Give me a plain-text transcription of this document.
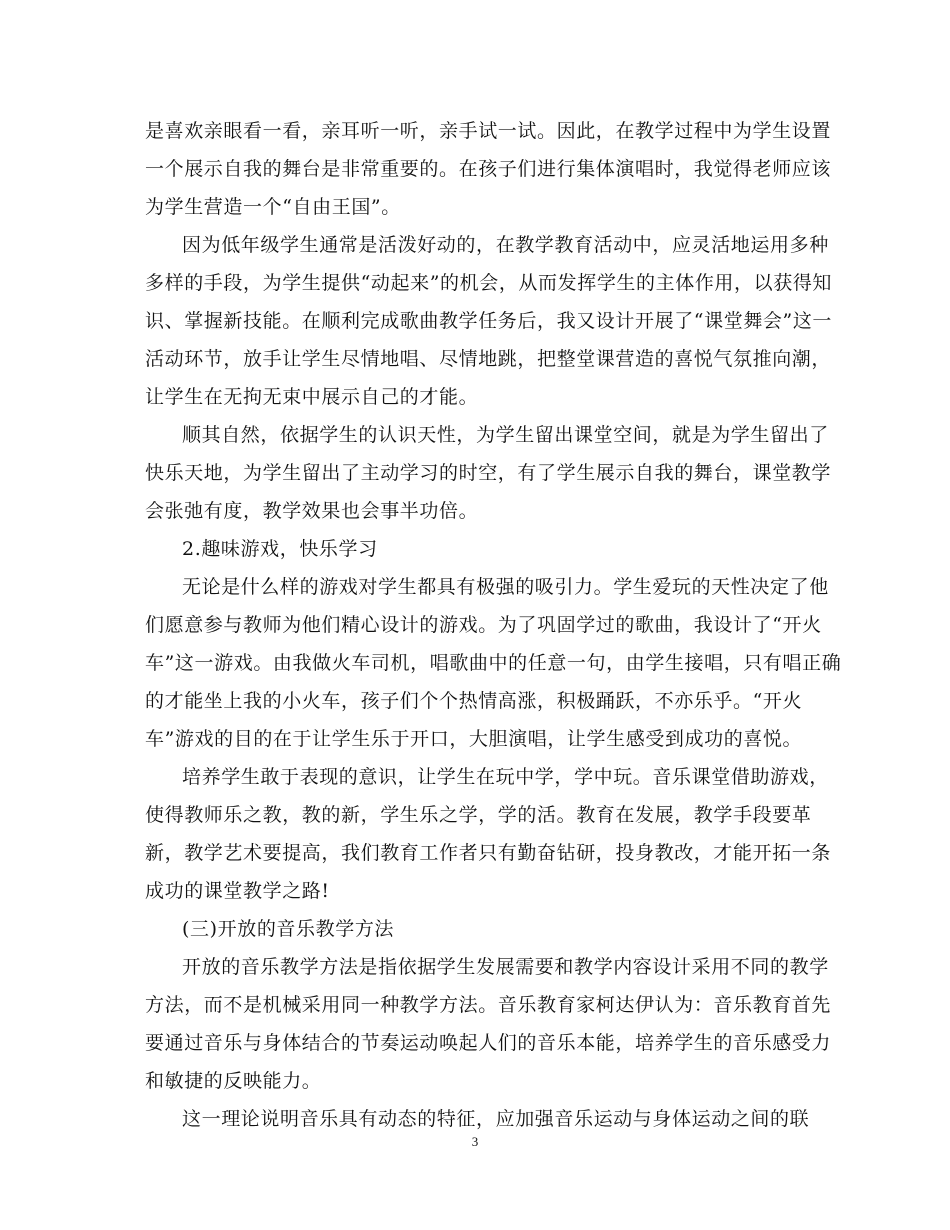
是喜欢亲眼看一看，亲耳听一听，亲手试一试。因此，在教学过程中为学生设置
一个展示自我的舞台是非常重要的。在孩子们进行集体演唱时，我觉得老师应该
为学生营造一个“自由王国”。
因为低年级学生通常是活泼好动的，在教学教育活动中，应灵活地运用多种
多样的手段，为学生提供“动起来”的机会，从而发挥学生的主体作用，以获得知
识、掌握新技能。在顺利完成歌曲教学任务后，我又设计开展了“课堂舞会”这一
活动环节，放手让学生尽情地唱、尽情地跳，把整堂课营造的喜悦气氛推向潮，
让学生在无拘无束中展示自己的才能。
顺其自然，依据学生的认识天性，为学生留出课堂空间，就是为学生留出了
快乐天地，为学生留出了主动学习的时空，有了学生展示自我的舞台，课堂教学
会张弛有度，教学效果也会事半功倍。
2.趣味游戏，快乐学习
无论是什么样的游戏对学生都具有极强的吸引力。学生爱玩的天性决定了他
们愿意参与教师为他们精心设计的游戏。为了巩固学过的歌曲，我设计了“开火
车”这一游戏。由我做火车司机，唱歌曲中的任意一句，由学生接唱，只有唱正确
的才能坐上我的小火车，孩子们个个热情高涨，积极踊跃，不亦乐乎。“开火
车”游戏的目的在于让学生乐于开口，大胆演唱，让学生感受到成功的喜悦。
培养学生敢于表现的意识，让学生在玩中学，学中玩。音乐课堂借助游戏，
使得教师乐之教，教的新，学生乐之学，学的活。教育在发展，教学手段要革
新，教学艺术要提高，我们教育工作者只有勤奋钻研，投身教改，才能开拓一条
成功的课堂教学之路!
(三)开放的音乐教学方法
开放的音乐教学方法是指依据学生发展需要和教学内容设计采用不同的教学
方法，而不是机械采用同一种教学方法。音乐教育家柯达伊认为：音乐教育首先
要通过音乐与身体结合的节奏运动唤起人们的音乐本能，培养学生的音乐感受力
和敏捷的反映能力。
这一理论说明音乐具有动态的特征，应加强音乐运动与身体运动之间的联
3
